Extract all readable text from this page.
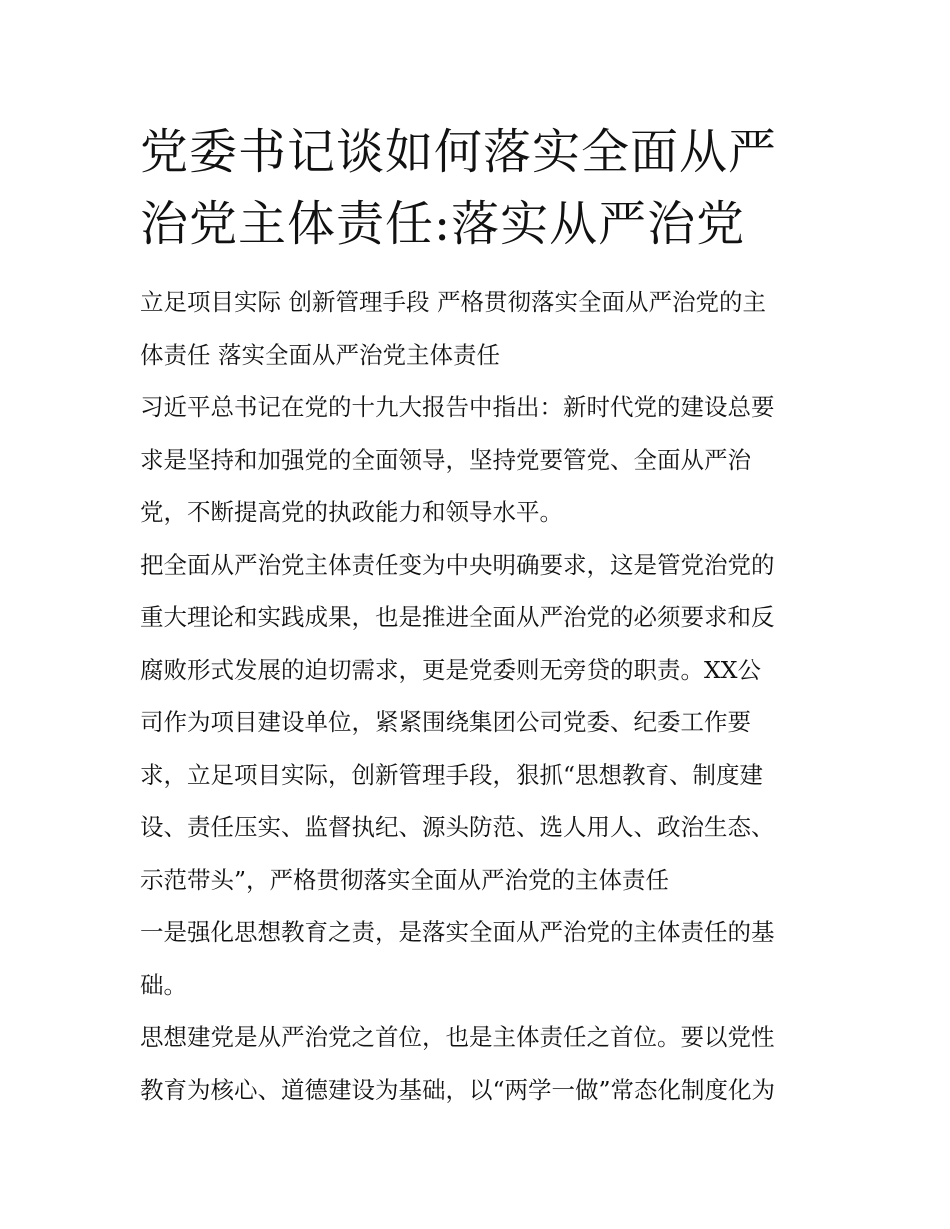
党委书记谈如何落实全面从严
治党主体责任:落实从严治党

立足项目实际 创新管理手段 严格贯彻落实全面从严治党的主
体责任 落实全面从严治党主体责任

习近平总书记在党的十九大报告中指出：新时代党的建设总要
求是坚持和加强党的全面领导，坚持党要管党、全面从严治
党，不断提高党的执政能力和领导水平。

把全面从严治党主体责任变为中央明确要求，这是管党治党的
重大理论和实践成果，也是推进全面从严治党的必须要求和反
腐败形式发展的迫切需求，更是党委则无旁贷的职责。XX公
司作为项目建设单位，紧紧围绕集团公司党委、纪委工作要
求，立足项目实际，创新管理手段，狠抓“思想教育、制度建
设、责任压实、监督执纪、源头防范、选人用人、政治生态、
示范带头”，严格贯彻落实全面从严治党的主体责任

一是强化思想教育之责，是落实全面从严治党的主体责任的基
础。

思想建党是从严治党之首位，也是主体责任之首位。要以党性
教育为核心、道德建设为基础，以“两学一做”常态化制度化为
